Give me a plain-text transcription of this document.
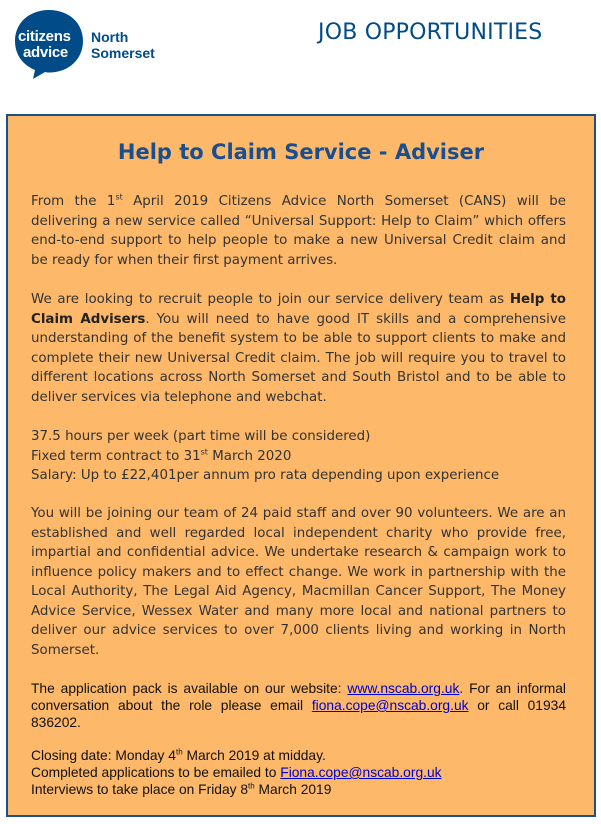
citizens
advice
North
Somerset
JOB OPPORTUNITIES
Help to Claim Service - Adviser

From the 1st April 2019 Citizens Advice North Somerset (CANS) will be delivering a new service called “Universal Support: Help to Claim” which offers end-to-end support to help people to make a new Universal Credit claim and be ready for when their first payment arrives.

We are looking to recruit people to join our service delivery team as Help to Claim Advisers. You will need to have good IT skills and a comprehensive understanding of the benefit system to be able to support clients to make and complete their new Universal Credit claim. The job will require you to travel to different locations across North Somerset and South Bristol and to be able to deliver services via telephone and webchat.

37.5 hours per week (part time will be considered)
Fixed term contract to 31st March 2020
Salary: Up to £22,401per annum pro rata depending upon experience

You will be joining our team of 24 paid staff and over 90 volunteers. We are an established and well regarded local independent charity who provide free, impartial and confidential advice. We undertake research & campaign work to influence policy makers and to effect change. We work in partnership with the Local Authority, The Legal Aid Agency, Macmillan Cancer Support, The Money Advice Service, Wessex Water and many more local and national partners to deliver our advice services to over 7,000 clients living and working in North Somerset.

The application pack is available on our website: www.nscab.org.uk. For an informal conversation about the role please email fiona.cope@nscab.org.uk or call 01934 836202.

Closing date: Monday 4th March 2019 at midday.
Completed applications to be emailed to Fiona.cope@nscab.org.uk
Interviews to take place on Friday 8th March 2019
